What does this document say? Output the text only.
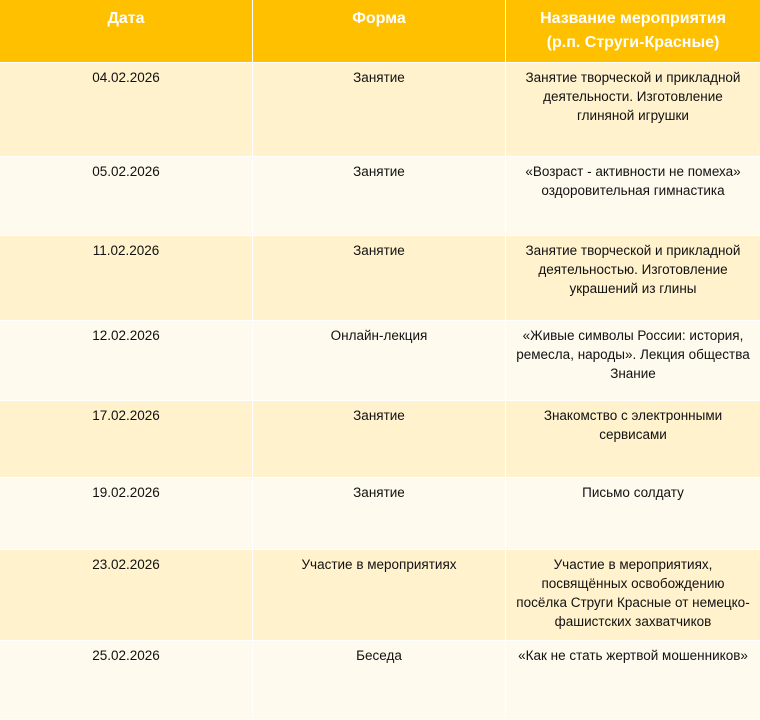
Дата	Форма	Название мероприятия
(р.п. Струги-Красные)
04.02.2026	Занятие	Занятие творческой и прикладной деятельности. Изготовление глиняной игрушки
05.02.2026	Занятие	«Возраст - активности не помеха» оздоровительная гимнастика
11.02.2026	Занятие	Занятие творческой и прикладной деятельностью. Изготовление украшений из глины
12.02.2026	Онлайн-лекция	«Живые символы России: история, ремесла, народы». Лекция общества Знание
17.02.2026	Занятие	Знакомство с электронными сервисами
19.02.2026	Занятие	Письмо солдату
23.02.2026	Участие в мероприятиях	Участие в мероприятиях, посвящённых освобождению посёлка Струги Красные от немецко-фашистских захватчиков
25.02.2026	Беседа	«Как не стать жертвой мошенников»
